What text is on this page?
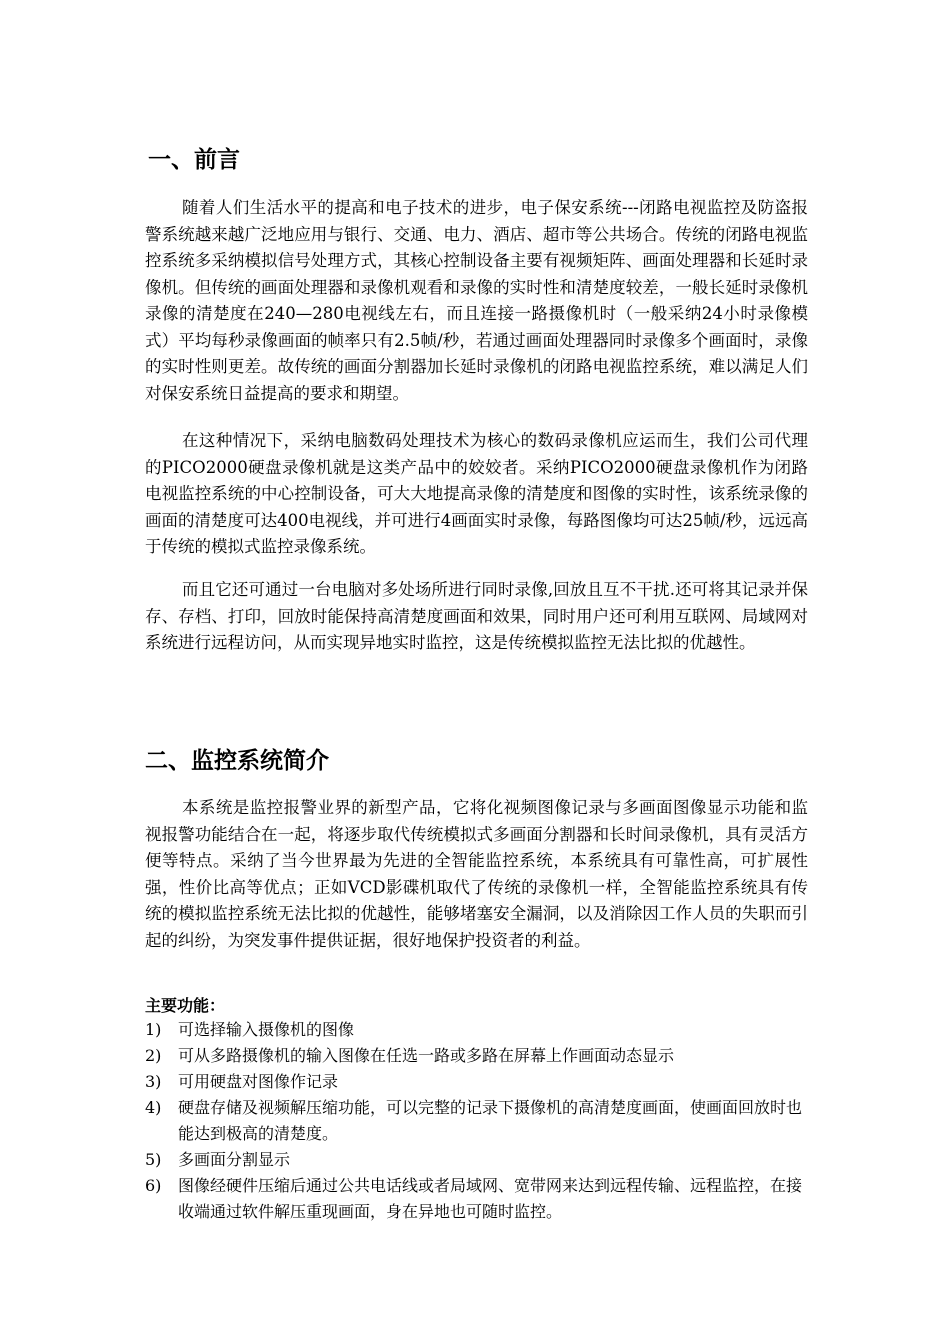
一、前言

随着人们生活水平的提高和电子技术的进步，电子保安系统---闭路电视监控及防盗报警系统越来越广泛地应用与银行、交通、电力、酒店、超市等公共场合。传统的闭路电视监控系统多采纳模拟信号处理方式，其核心控制设备主要有视频矩阵、画面处理器和长延时录像机。但传统的画面处理器和录像机观看和录像的实时性和清楚度较差，一般长延时录像机录像的清楚度在240—280电视线左右，而且连接一路摄像机时（一般采纳24小时录像模式）平均每秒录像画面的帧率只有2.5帧/秒，若通过画面处理器同时录像多个画面时，录像的实时性则更差。故传统的画面分割器加长延时录像机的闭路电视监控系统，难以满足人们对保安系统日益提高的要求和期望。

在这种情况下，采纳电脑数码处理技术为核心的数码录像机应运而生，我们公司代理的PICO2000硬盘录像机就是这类产品中的姣姣者。采纳PICO2000硬盘录像机作为闭路电视监控系统的中心控制设备，可大大地提高录像的清楚度和图像的实时性，该系统录像的画面的清楚度可达400电视线，并可进行4画面实时录像，每路图像均可达25帧/秒，远远高于传统的模拟式监控录像系统。

而且它还可通过一台电脑对多处场所进行同时录像,回放且互不干扰.还可将其记录并保存、存档、打印，回放时能保持高清楚度画面和效果，同时用户还可利用互联网、局域网对系统进行远程访问，从而实现异地实时监控，这是传统模拟监控无法比拟的优越性。

二、监控系统简介

本系统是监控报警业界的新型产品，它将化视频图像记录与多画面图像显示功能和监视报警功能结合在一起，将逐步取代传统模拟式多画面分割器和长时间录像机，具有灵活方便等特点。采纳了当今世界最为先进的全智能监控系统，本系统具有可靠性高，可扩展性强，性价比高等优点；正如VCD影碟机取代了传统的录像机一样，全智能监控系统具有传统的模拟监控系统无法比拟的优越性，能够堵塞安全漏洞，以及消除因工作人员的失职而引起的纠纷，为突发事件提供证据，很好地保护投资者的利益。

主要功能：

1) 可选择输入摄像机的图像
2) 可从多路摄像机的输入图像在任选一路或多路在屏幕上作画面动态显示
3) 可用硬盘对图像作记录
4) 硬盘存储及视频解压缩功能，可以完整的记录下摄像机的高清楚度画面，使画面回放时也能达到极高的清楚度。
5) 多画面分割显示
6) 图像经硬件压缩后通过公共电话线或者局域网、宽带网来达到远程传输、远程监控，在接收端通过软件解压重现画面，身在异地也可随时监控。
